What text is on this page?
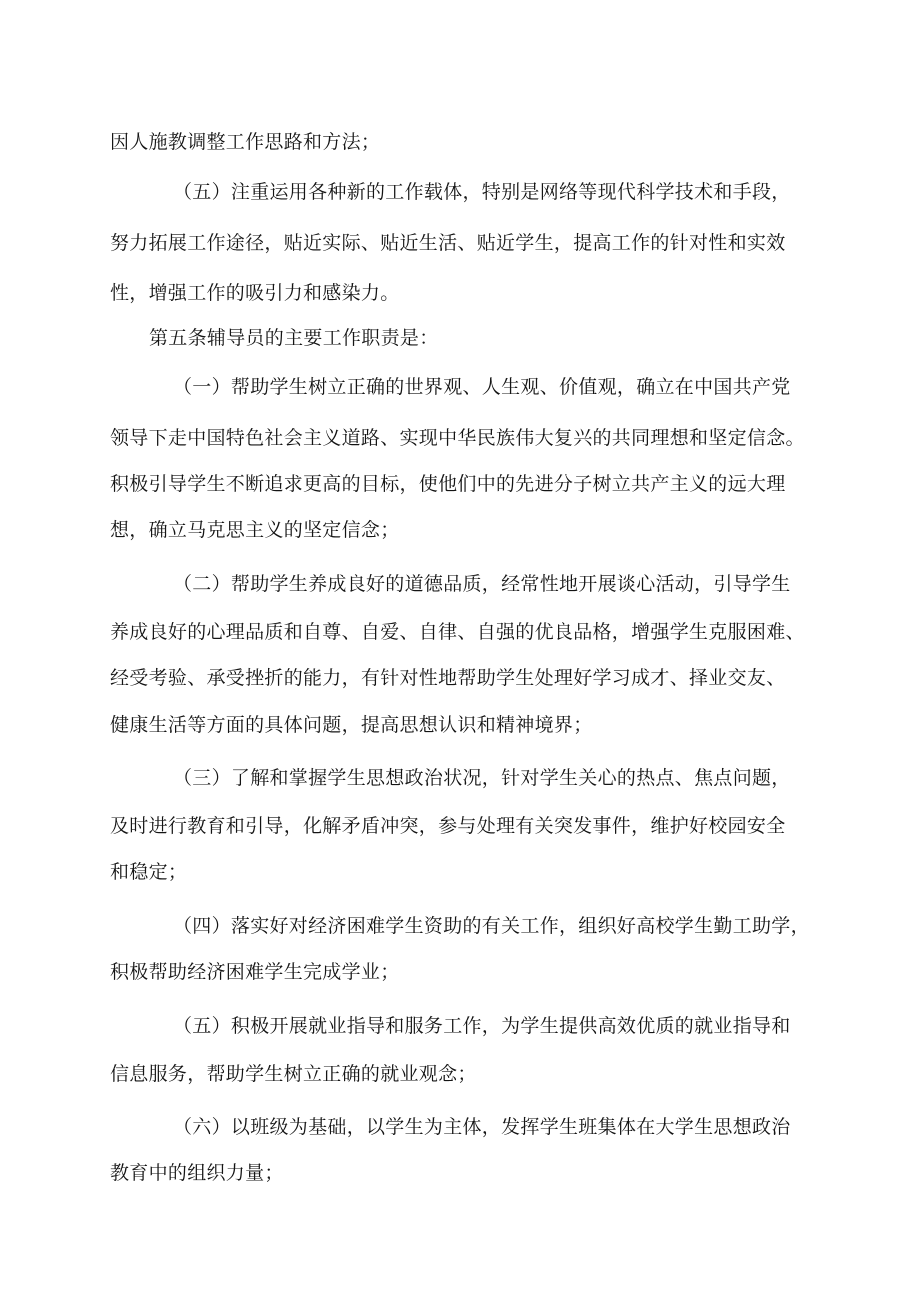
因人施教调整工作思路和方法；

（五）注重运用各种新的工作载体，特别是网络等现代科学技术和手段，

努力拓展工作途径，贴近实际、贴近生活、贴近学生，提高工作的针对性和实效

性，增强工作的吸引力和感染力。

第五条辅导员的主要工作职责是：

（一）帮助学生树立正确的世界观、人生观、价值观，确立在中国共产党

领导下走中国特色社会主义道路、实现中华民族伟大复兴的共同理想和坚定信念。

积极引导学生不断追求更高的目标，使他们中的先进分子树立共产主义的远大理

想，确立马克思主义的坚定信念；

（二）帮助学生养成良好的道德品质，经常性地开展谈心活动，引导学生

养成良好的心理品质和自尊、自爱、自律、自强的优良品格，增强学生克服困难、

经受考验、承受挫折的能力，有针对性地帮助学生处理好学习成才、择业交友、

健康生活等方面的具体问题，提高思想认识和精神境界；

（三）了解和掌握学生思想政治状况，针对学生关心的热点、焦点问题，

及时进行教育和引导，化解矛盾冲突，参与处理有关突发事件，维护好校园安全

和稳定；

（四）落实好对经济困难学生资助的有关工作，组织好高校学生勤工助学，

积极帮助经济困难学生完成学业；

（五）积极开展就业指导和服务工作，为学生提供高效优质的就业指导和

信息服务，帮助学生树立正确的就业观念；

（六）以班级为基础，以学生为主体，发挥学生班集体在大学生思想政治

教育中的组织力量；
